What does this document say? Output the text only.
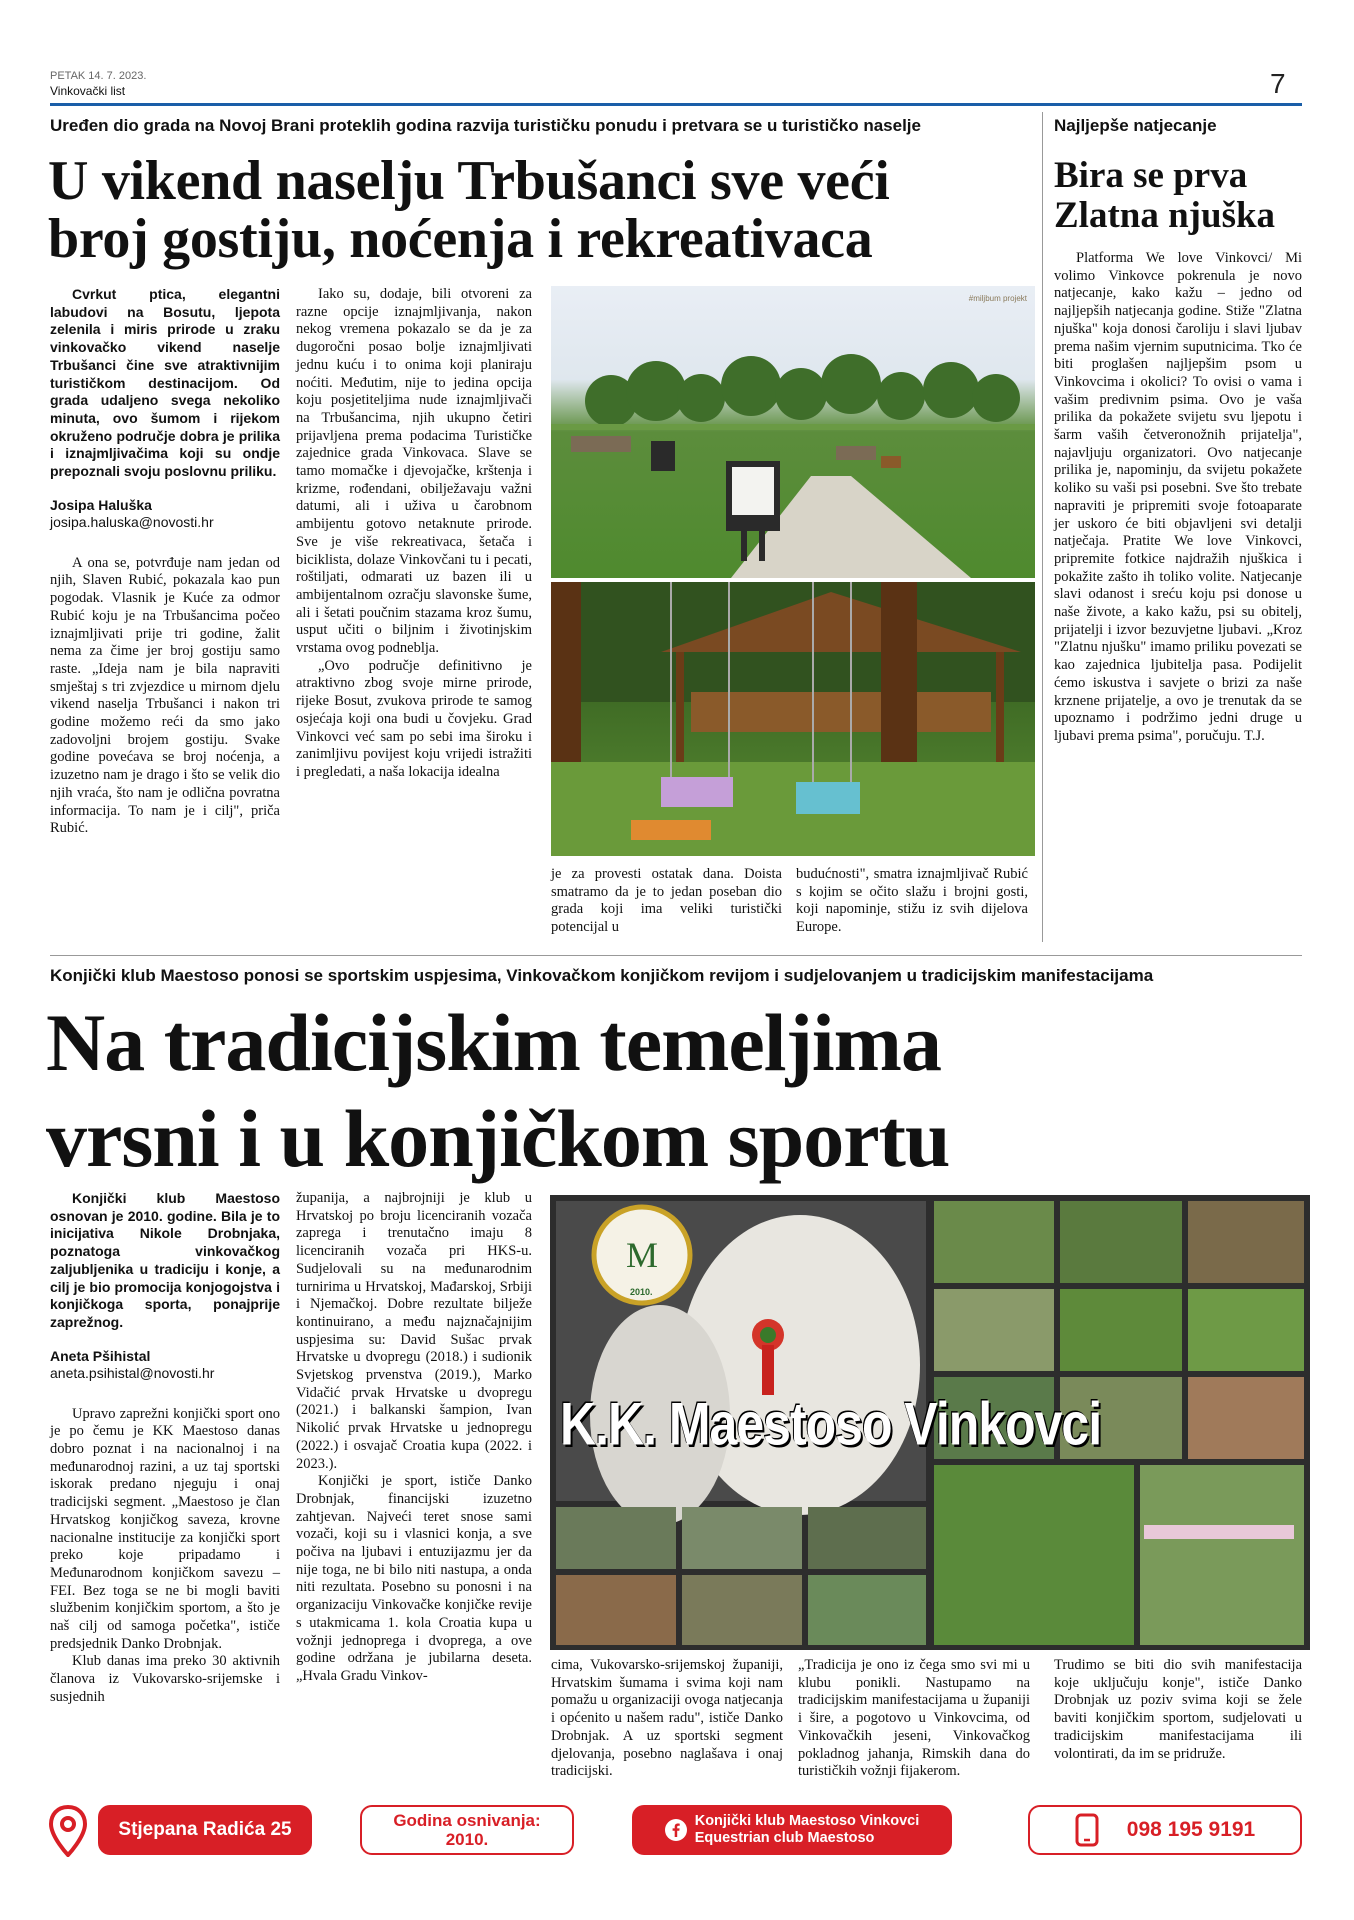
PETAK 14. 7. 2023.
Vinkovački list	7
Uređen dio grada na Novoj Brani proteklih godina razvija turističku ponudu i pretvara se u turističko naselje
U vikend naselju Trbušanci sve veći
broj gostiju, noćenja i rekreativaca
Cvrkut ptica, elegantni labudovi na Bosutu, ljepota zelenila i miris prirode u zraku vinkovačko vikend naselje Trbušanci čine sve atraktivnijim turističkom destinacijom. Od grada udaljeno svega nekoliko minuta, ovo šumom i rijekom okruženo područje dobra je prilika i iznajmljivačima koji su ondje prepoznali svoju poslovnu priliku.
Josipa Haluška
josipa.haluska@novosti.hr

A ona se, potvrđuje nam jedan od njih, Slaven Rubić, pokazala kao pun pogodak. Vlasnik je Kuće za odmor Rubić koju je na Trbušancima počeo iznajmljivati prije tri godine, žalit nema za čime jer broj gostiju samo raste. „Ideja nam je bila napraviti smještaj s tri zvjezdice u mirnom djelu vikend naselja Trbušanci i nakon tri godine možemo reći da smo jako zadovoljni brojem gostiju. Svake godine povećava se broj noćenja, a izuzetno nam je drago i što se velik dio njih vraća, što nam je odlična povratna informacija. To nam je i cilj", priča Rubić.

Iako su, dodaje, bili otvoreni za razne opcije iznajmljivanja, nakon nekog vremena pokazalo se da je za dugoročni posao bolje iznajmljivati jednu kuću i to onima koji planiraju noćiti. Međutim, nije to jedina opcija koju posjetiteljima nude iznajmljivači na Trbušancima, njih ukupno četiri prijavljena prema podacima Turističke zajednice grada Vinkovaca. Slave se tamo momačke i djevojačke, krštenja i krizme, rođendani, obilježavaju važni datumi, ali i uživa u čarobnom ambijentu gotovo netaknute prirode. Sve je više rekreativaca, šetača i biciklista, dolaze Vinkovčani tu i pecati, roštiljati, odmarati uz bazen ili u ambijentalnom ozračju slavonske šume, ali i šetati poučnim stazama kroz šumu, usput učiti o biljnim i životinjskim vrstama ovog podneblja.

„Ovo područje definitivno je atraktivno zbog svoje mirne prirode, rijeke Bosut, zvukova prirode te samog osjećaja koji ona budi u čovjeku. Grad Vinkovci već sam po sebi ima široku i zanimljivu povijest koju vrijedi istražiti i pregledati, a naša lokacija idealna

#miljbum projekt

je za provesti ostatak dana. Doista smatramo da je to jedan poseban dio grada koji ima veliki turistički potencijal u

budućnosti", smatra iznajmljivač Rubić s kojim se očito slažu i brojni gosti, koji napominje, stižu iz svih dijelova Europe.

Najljepše natjecanje
Bira se prva Zlatna njuška

Platforma We love Vinkovci/ Mi volimo Vinkovce pokrenula je novo natjecanje, kako kažu – jedno od najljepših natjecanja godine. Stiže "Zlatna njuška" koja donosi čaroliju i slavi ljubav prema našim vjernim suputnicima. Tko će biti proglašen najljepšim psom u Vinkovcima i okolici? To ovisi o vama i vašim predivnim psima. Ovo je vaša prilika da pokažete svijetu svu ljepotu i šarm vaših četveronožnih prijatelja", najavljuju organizatori. Ovo natjecanje prilika je, napominju, da svijetu pokažete koliko su vaši psi posebni. Sve što trebate napraviti je pripremiti svoje fotoaparate jer uskoro će biti objavljeni svi detalji natječaja. Pratite We love Vinkovci, pripremite fotkice najdražih njuškica i pokažite zašto ih toliko volite. Natjecanje slavi odanost i sreću koju psi donose u naše živote, a kako kažu, psi su obitelj, prijatelji i izvor bezuvjetne ljubavi. „Kroz "Zlatnu njušku" imamo priliku povezati se kao zajednica ljubitelja pasa. Podijelit ćemo iskustva i savjete o brizi za naše krznene prijatelje, a ovo je trenutak da se upoznamo i podržimo jedni druge u ljubavi prema psima", poručuju. T.J.

Konjički klub Maestoso ponosi se sportskim uspjesima, Vinkovačkom konjičkom revijom i sudjelovanjem u tradicijskim manifestacijama
Na tradicijskim temeljima
vrsni i u konjičkom sportu
Konjički klub Maestoso osnovan je 2010. godine. Bila je to inicijativa Nikole Drobnjaka, poznatoga vinkovačkog zaljubljenika u tradiciju i konje, a cilj je bio promocija konjogojstva i konjičkoga sporta, ponajprije zaprežnog.
Aneta Pšihistal
aneta.psihistal@novosti.hr

Upravo zaprežni konjički sport ono je po čemu je KK Maestoso danas dobro poznat i na nacionalnoj i na međunarodnoj razini, a uz taj sportski iskorak predano njeguju i onaj tradicijski segment. „Maestoso je član Hrvatskog konjičkog saveza, krovne nacionalne institucije za konjički sport preko koje pripadamo i Međunarodnom konjičkom savezu – FEI. Bez toga se ne bi mogli baviti službenim konjičkim sportom, a što je naš cilj od samoga početka", ističe predsjednik Danko Drobnjak.

Klub danas ima preko 30 aktivnih članova iz Vukovarsko-srijemske i susjednih

županija, a najbrojniji je klub u Hrvatskoj po broju licenciranih vozača zaprega i trenutačno imaju 8 licenciranih vozača pri HKS-u. Sudjelovali su na međunarodnim turnirima u Hrvatskoj, Mađarskoj, Srbiji i Njemačkoj. Dobre rezultate bilježe kontinuirano, a među najznačajnijim uspjesima su: David Sušac prvak Hrvatske u dvopregu (2018.) i sudionik Svjetskog prvenstva (2019.), Marko Vidačić prvak Hrvatske u dvopregu (2021.) i balkanski šampion, Ivan Nikolić prvak Hrvatske u jednopregu (2022.) i osvajač Croatia kupa (2022. i 2023.).

Konjički je sport, ističe Danko Drobnjak, financijski izuzetno zahtjevan. Najveći teret snose sami vozači, koji su i vlasnici konja, a sve počiva na ljubavi i entuzijazmu jer da nije toga, ne bi bilo niti nastupa, a onda niti rezultata. Posebno su ponosni i na organizaciju Vinkovačke konjičke revije s utakmicama 1. kola Croatia kupa u vožnji jednoprega i dvoprega, a ove godine održana je jubilarna deseta. „Hvala Gradu Vinkov-

M
K.K. Maestoso Vinkovci
2010.

cima, Vukovarsko-srijemskoj županiji, Hrvatskim šumama i svima koji nam pomažu u organizaciji ovoga natjecanja i općenito u našem radu", ističe Danko Drobnjak. A uz sportski segment djelovanja, posebno naglašava i onaj tradicijski.

„Tradicija je ono iz čega smo svi mi u klubu ponikli. Nastupamo na tradicijskim manifestacijama u županiji i šire, a pogotovo u Vinkovcima, od Vinkovačkih jeseni, Vinkovačkog pokladnog jahanja, Rimskih dana do turističkih vožnji fijakerom.

Trudimo se biti dio svih manifestacija koje uključuju konje", ističe Danko Drobnjak uz poziv svima koji se žele baviti konjičkim sportom, sudjelovati u tradicijskim manifestacijama ili volontirati, da im se pridruže.

Stjepana Radića 25	Godina osnivanja:
2010.
Konjički klub Maestoso Vinkovci
Equestrian club Maestoso	098 195 9191
